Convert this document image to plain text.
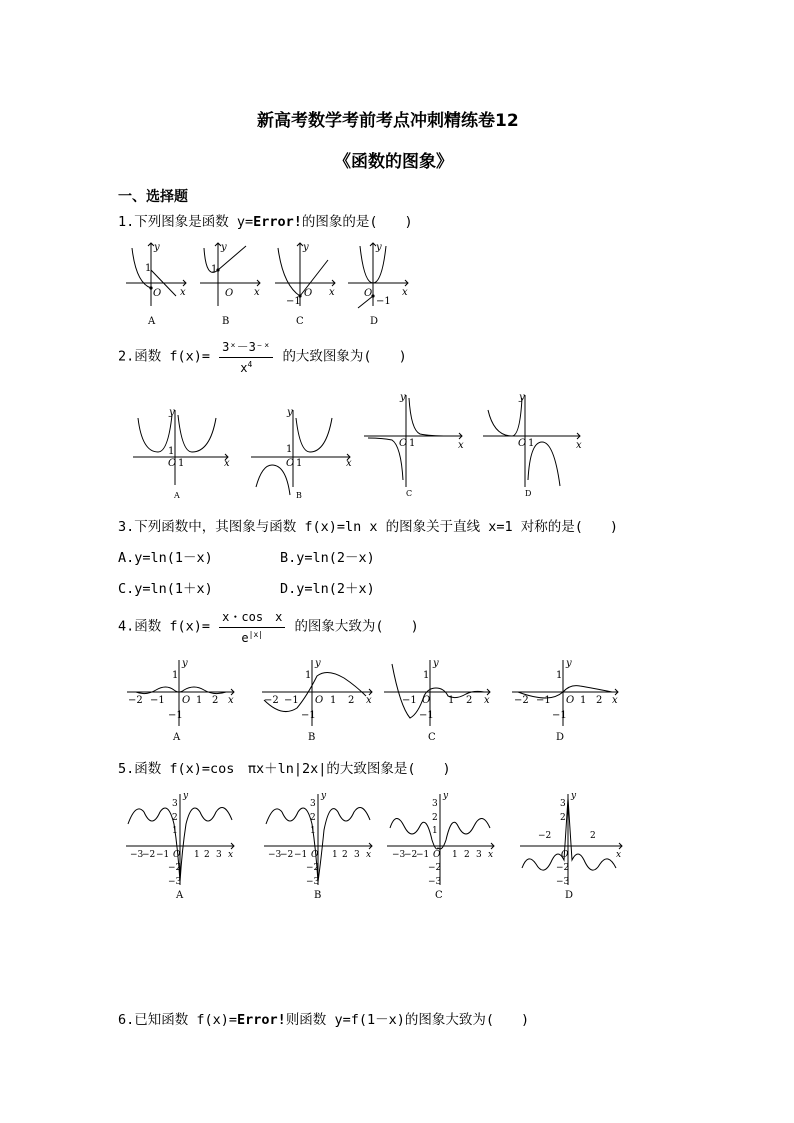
新高考数学考前考点冲刺精练卷12
《函数的图象》
一、选择题
1.下列图象是函数 y=Error!的图象的是(　　)
y
x
1
O
y
x
1
O
y
x
−1
O
y
x
−1
O
A	B	C	D
2.函数 $f(x)= \frac{\text{3ˣ－3⁻ˣ}}{x^4}$ 的大致图象为(　　)
y
x
O 1
1
y
x
O 1
1
y
x
O 1
y
x
O 1
A	B	C	D
3.下列函数中，其图象与函数 f(x)=ln x 的图象关于直线 x=1 对称的是(　　)
A.y=ln(1－x)	B.y=ln(2－x)
C.y=ln(1＋x)	D.y=ln(2＋x)
4.函数 $f(x)= \frac{\text{x・cos　x}}{e^{|x|}}$ 的图象大致为(　　)
y
x
1
−1
−2 −1 O 1 2
y
x
1
−1
−2 −1 O 1 2
y
x
1
−1
−1 O 1 2
y
x
1
−1
−2 −1 O 1 2
A	B	C	D
5.函数 f(x)=cos　πx＋ln|2x|的大致图象是(　　)
y
x
3
2
1
−2
−3
−3
−2 −1 O 1 2 3
y
x
3
2
1
−2
−3
−3
−2 −1 O 1 2 3
y
x
3
2
1
−2
−3
−3
−2
−1 O 1 2 3
y
x
3
2
−2
−3
−2	2
O
A	B	C	D
6.已知函数 f(x)=Error!则函数 y=f(1－x)的图象大致为(　　)
